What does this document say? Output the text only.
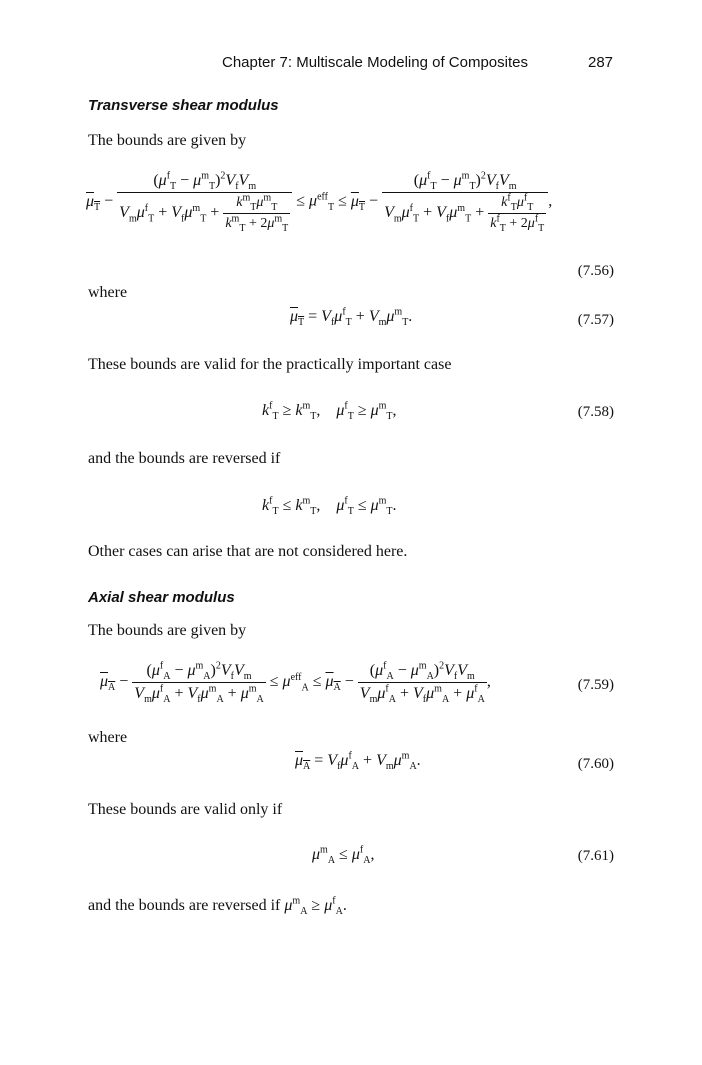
Chapter 7: Multiscale Modeling of Composites	287
Transverse shear modulus
The bounds are given by
$\mu_T - \frac{(\mu^f_T - \mu^m_T)^2V_fV_m}{V_m\mu^f_T + V_f\mu^m_T + \frac{k^m_T\mu^m_T}{k^m_T + 2\mu^m_T}} \le \mu^{eff}_T \le \mu_T - \frac{(\mu^f_T - \mu^m_T)^2V_fV_m}{V_m\mu^f_T + V_f\mu^m_T + \frac{k^f_T\mu^f_T}{k^f_T + 2\mu^f_T}}$ ,
(7.56)
where
$\mu_T = V_f\mu^f_T + V_m\mu^m_T$.	(7.57)
These bounds are valid for the practically important case
$k^f_T \ge k^m_T$,    $\mu^f_T \ge \mu^m_T$,	(7.58)
and the bounds are reversed if
$k^f_T \le k^m_T$,    $\mu^f_T \le \mu^m_T$.
Other cases can arise that are not considered here.
Axial shear modulus
The bounds are given by
$\mu_A - \frac{(\mu^f_A - \mu^m_A)^2V_fV_m}{V_m\mu^f_A + V_f\mu^m_A + \mu^m_A} \le \mu^{eff}_A \le \mu_A - \frac{(\mu^f_A - \mu^m_A)^2V_fV_m}{V_m\mu^f_A + V_f\mu^m_A + \mu^f_A}$ ,	(7.59)
where
$\mu_A = V_f\mu^f_A + V_m\mu^m_A$.	(7.60)
These bounds are valid only if
$\mu^m_A \le \mu^f_A$,	(7.61)
and the bounds are reversed if $\mu^m_A \ge \mu^f_A$.
